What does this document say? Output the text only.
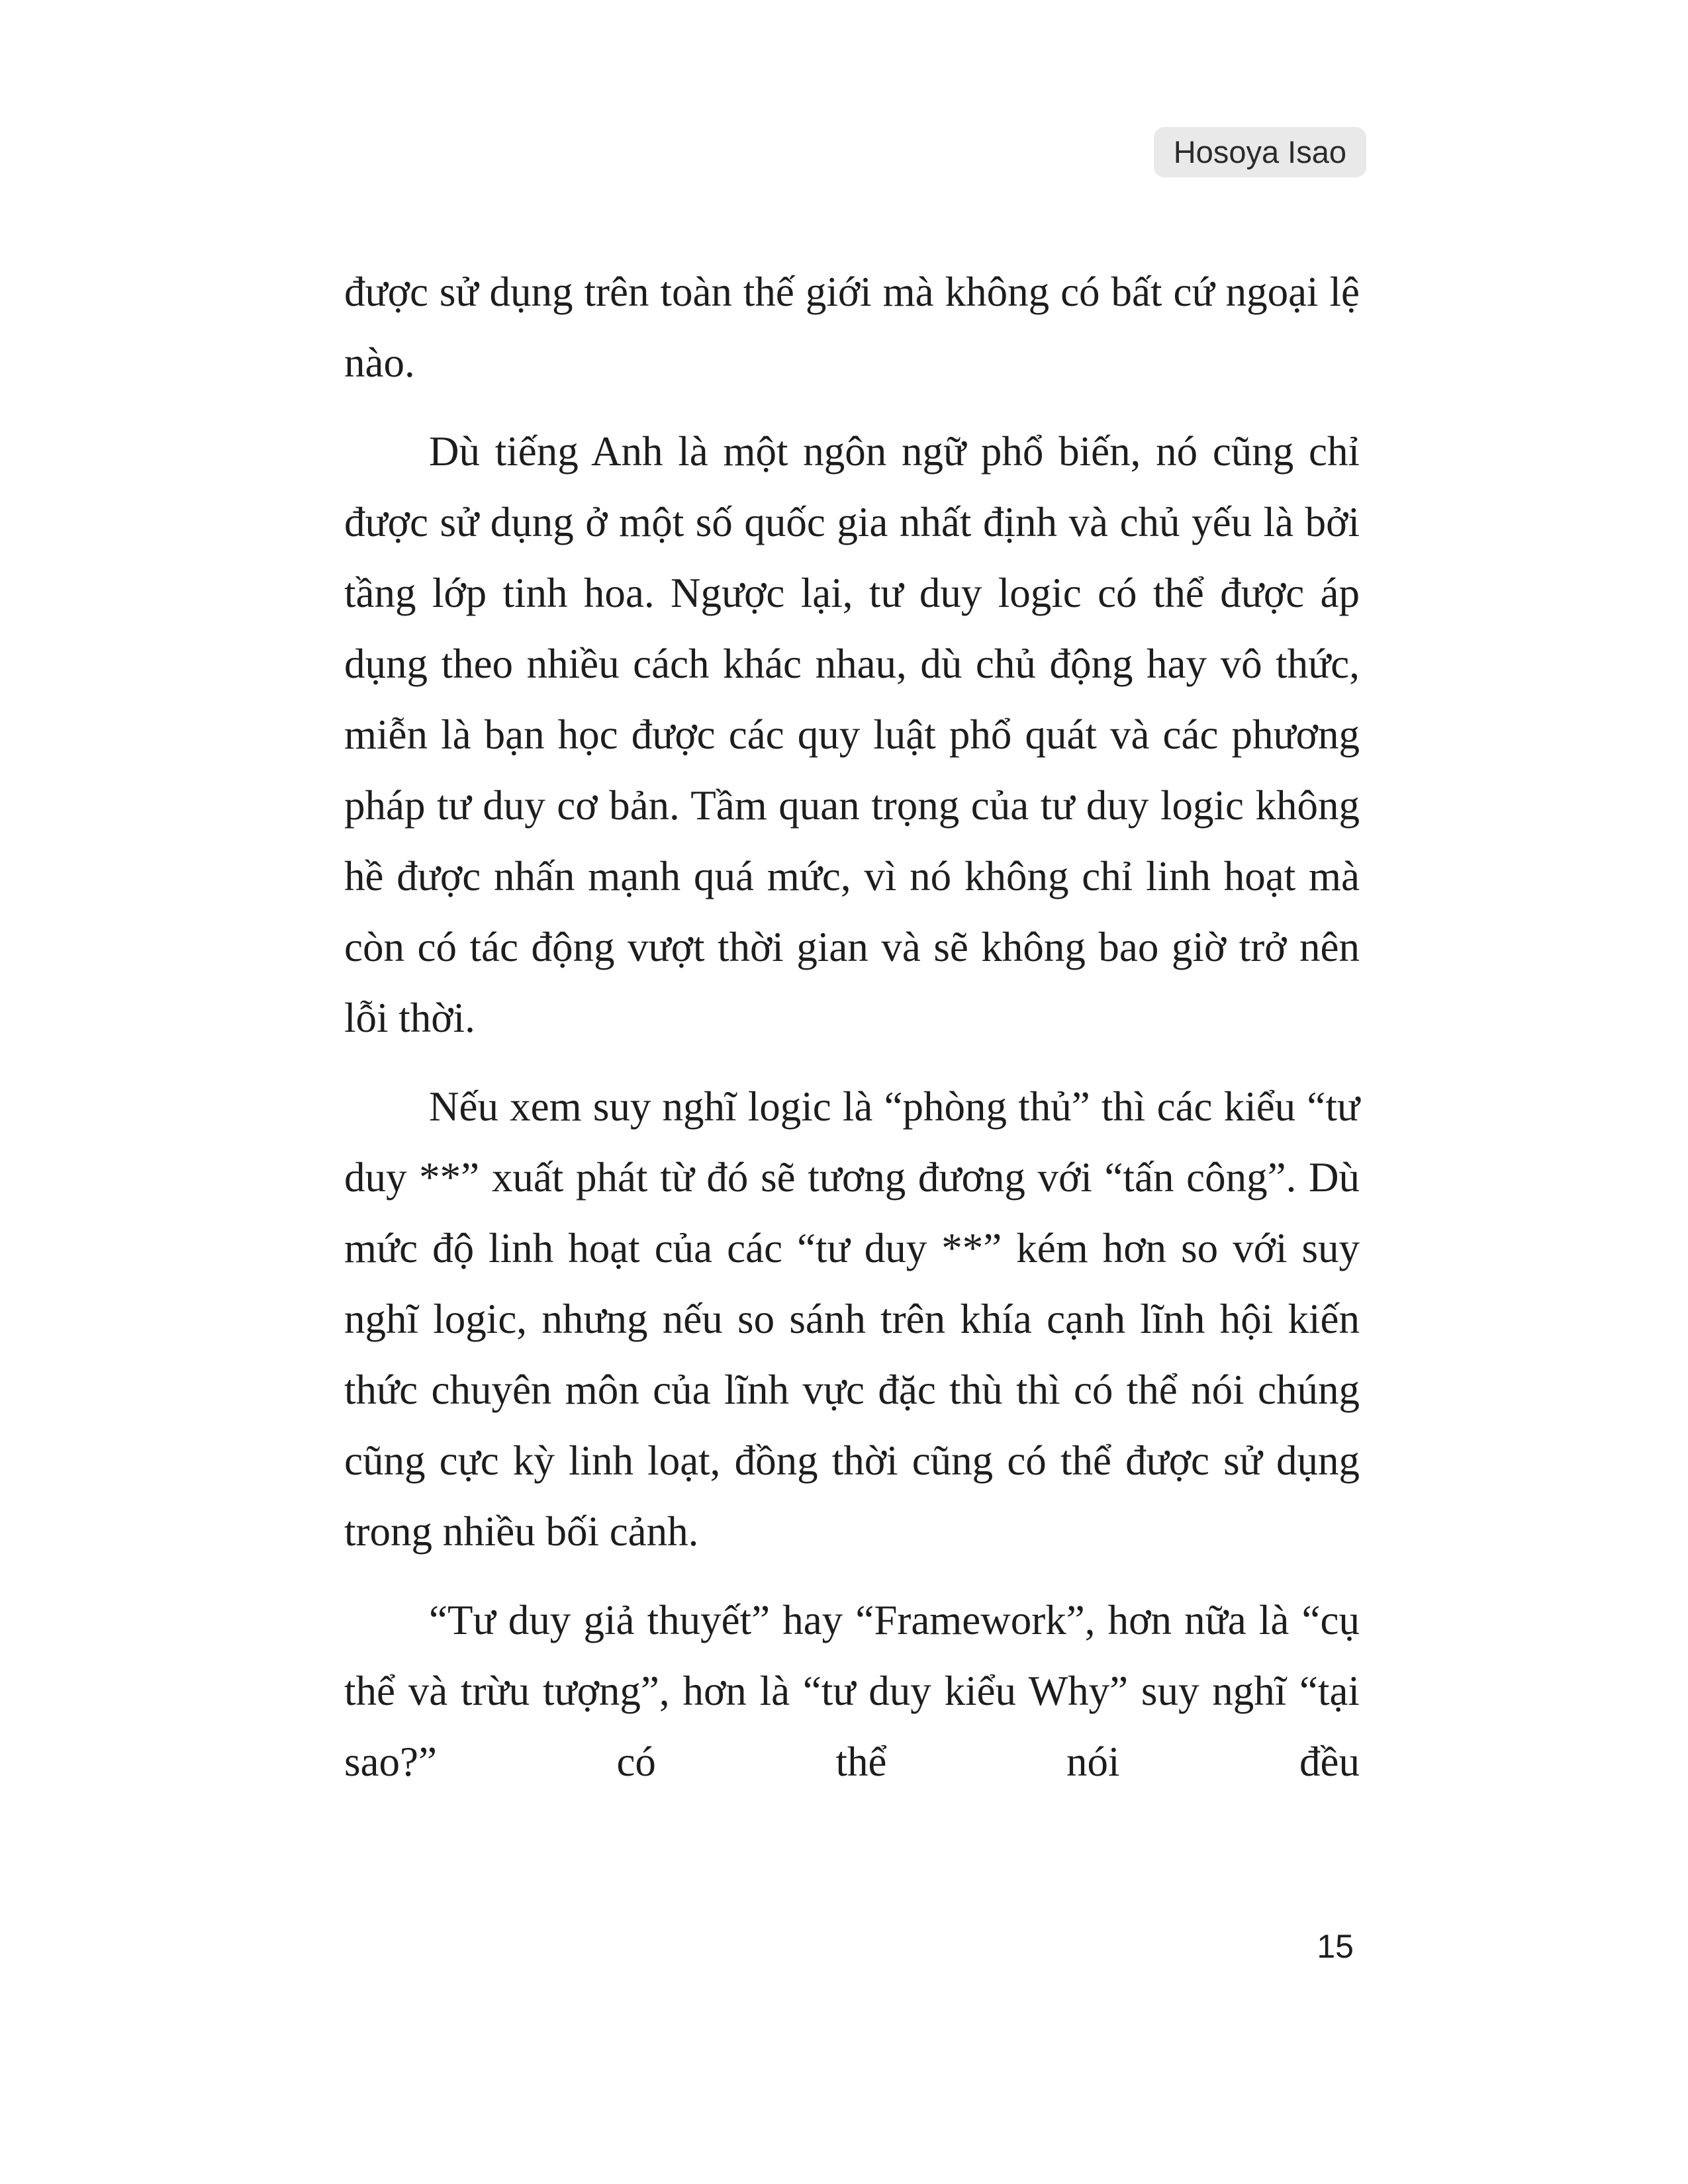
Hosoya Isao

được sử dụng trên toàn thế giới mà không có bất cứ ngoại lệ nào.

Dù tiếng Anh là một ngôn ngữ phổ biến, nó cũng chỉ được sử dụng ở một số quốc gia nhất định và chủ yếu là bởi tầng lớp tinh hoa. Ngược lại, tư duy logic có thể được áp dụng theo nhiều cách khác nhau, dù chủ động hay vô thức, miễn là bạn học được các quy luật phổ quát và các phương pháp tư duy cơ bản. Tầm quan trọng của tư duy logic không hề được nhấn mạnh quá mức, vì nó không chỉ linh hoạt mà còn có tác động vượt thời gian và sẽ không bao giờ trở nên lỗi thời.

Nếu xem suy nghĩ logic là “phòng thủ” thì các kiểu “tư duy **” xuất phát từ đó sẽ tương đương với “tấn công”. Dù mức độ linh hoạt của các “tư duy **” kém hơn so với suy nghĩ logic, nhưng nếu so sánh trên khía cạnh lĩnh hội kiến thức chuyên môn của lĩnh vực đặc thù thì có thể nói chúng cũng cực kỳ linh loạt, đồng thời cũng có thể được sử dụng trong nhiều bối cảnh.

“Tư duy giả thuyết” hay “Framework”, hơn nữa là “cụ thể và trừu tượng”, hơn là “tư duy kiểu Why” suy nghĩ “tại sao?” có thể nói đều

15
